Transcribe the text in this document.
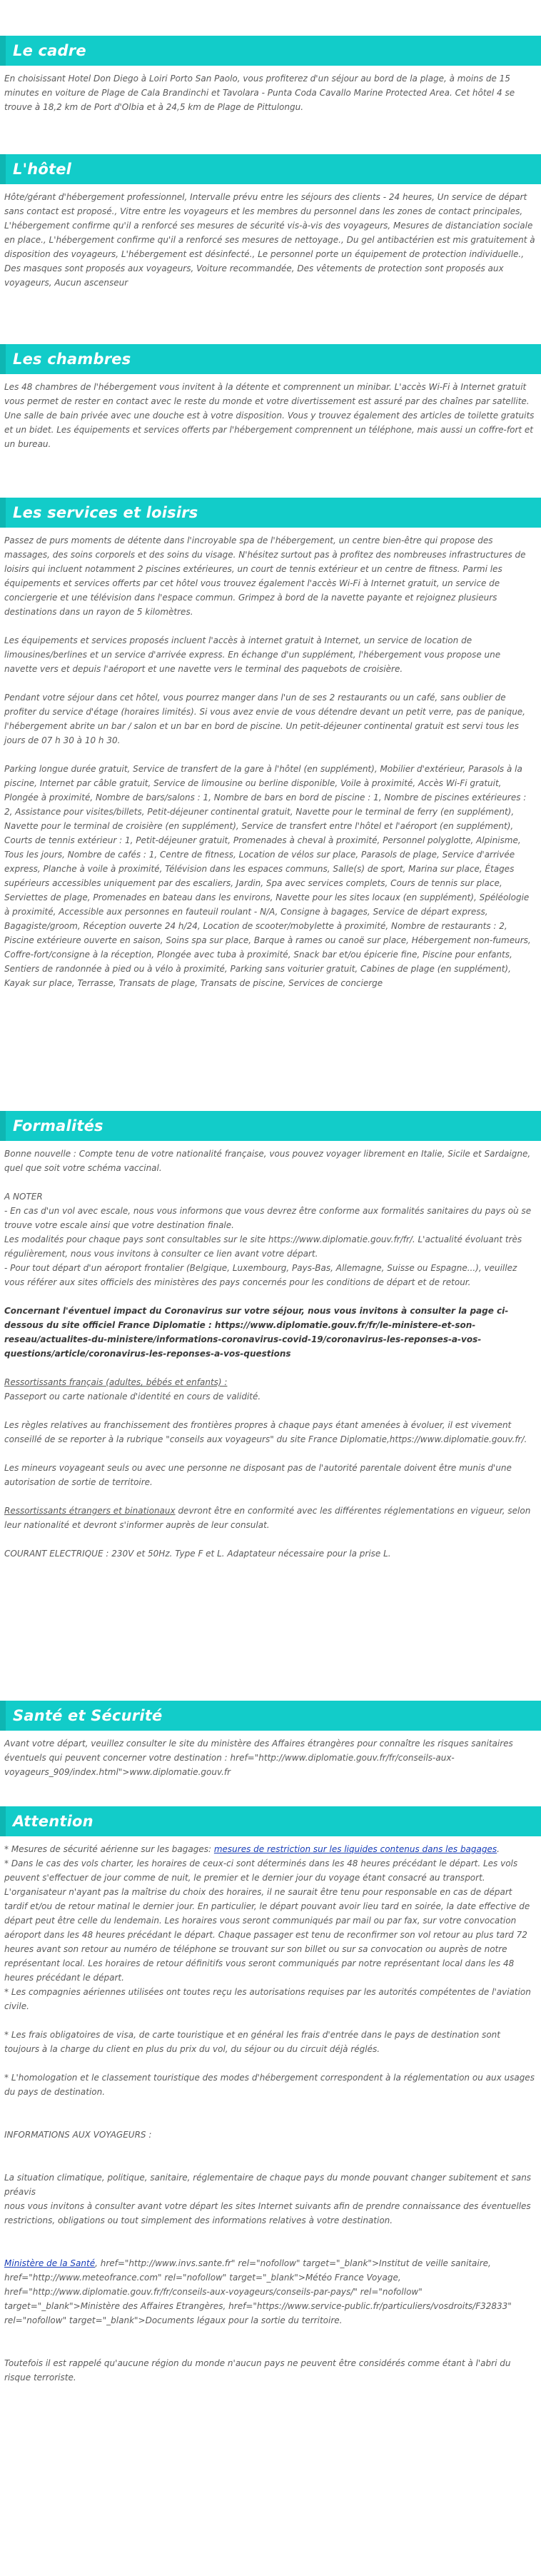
Le cadre

En choisissant Hotel Don Diego à Loiri Porto San Paolo, vous profiterez d'un séjour au bord de la plage, à moins de 15 minutes en voiture de Plage de Cala Brandinchi et Tavolara - Punta Coda Cavallo Marine Protected Area. Cet hôtel 4 se trouve à 18,2 km de Port d'Olbia et à 24,5 km de Plage de Pittulongu.

L'hôtel

Hôte/gérant d'hébergement professionnel, Intervalle prévu entre les séjours des clients - 24 heures, Un service de départ sans contact est proposé., Vitre entre les voyageurs et les membres du personnel dans les zones de contact principales, L'hébergement confirme qu'il a renforcé ses mesures de sécurité vis-à-vis des voyageurs, Mesures de distanciation sociale en place., L'hébergement confirme qu'il a renforcé ses mesures de nettoyage., Du gel antibactérien est mis gratuitement à disposition des voyageurs, L'hébergement est désinfecté., Le personnel porte un équipement de protection individuelle., Des masques sont proposés aux voyageurs, Voiture recommandée, Des vêtements de protection sont proposés aux voyageurs, Aucun ascenseur

Les chambres

Les 48 chambres de l'hébergement vous invitent à la détente et comprennent un minibar. L'accès Wi-Fi à Internet gratuit vous permet de rester en contact avec le reste du monde et votre divertissement est assuré par des chaînes par satellite. Une salle de bain privée avec une douche est à votre disposition. Vous y trouvez également des articles de toilette gratuits et un bidet. Les équipements et services offerts par l'hébergement comprennent un téléphone, mais aussi un coffre-fort et un bureau.

Les services et loisirs

Passez de purs moments de détente dans l'incroyable spa de l'hébergement, un centre bien-être qui propose des massages, des soins corporels et des soins du visage. N'hésitez surtout pas à profitez des nombreuses infrastructures de loisirs qui incluent notamment 2 piscines extérieures, un court de tennis extérieur et un centre de fitness. Parmi les équipements et services offerts par cet hôtel vous trouvez également l'accès Wi-Fi à Internet gratuit, un service de conciergerie et une télévision dans l'espace commun. Grimpez à bord de la navette payante et rejoignez plusieurs destinations dans un rayon de 5 kilomètres.

Les équipements et services proposés incluent l'accès à internet gratuit à Internet, un service de location de limousines/berlines et un service d'arrivée express. En échange d'un supplément, l'hébergement vous propose une navette vers et depuis l'aéroport et une navette vers le terminal des paquebots de croisière.

Pendant votre séjour dans cet hôtel, vous pourrez manger dans l'un de ses 2 restaurants ou un café, sans oublier de profiter du service d'étage (horaires limités). Si vous avez envie de vous détendre devant un petit verre, pas de panique, l'hébergement abrite un bar / salon et un bar en bord de piscine. Un petit-déjeuner continental gratuit est servi tous les jours de 07 h 30 à 10 h 30.

Parking longue durée gratuit, Service de transfert de la gare à l'hôtel (en supplément), Mobilier d'extérieur, Parasols à la piscine, Internet par câble gratuit, Service de limousine ou berline disponible, Voile à proximité, Accès Wi-Fi gratuit, Plongée à proximité, Nombre de bars/salons : 1, Nombre de bars en bord de piscine : 1, Nombre de piscines extérieures : 2, Assistance pour visites/billets, Petit-déjeuner continental gratuit, Navette pour le terminal de ferry (en supplément), Navette pour le terminal de croisière (en supplément), Service de transfert entre l'hôtel et l'aéroport (en supplément), Courts de tennis extérieur : 1, Petit-déjeuner gratuit, Promenades à cheval à proximité, Personnel polyglotte, Alpinisme, Tous les jours, Nombre de cafés : 1, Centre de fitness, Location de vélos sur place, Parasols de plage, Service d'arrivée express, Planche à voile à proximité, Télévision dans les espaces communs, Salle(s) de sport, Marina sur place, Étages supérieurs accessibles uniquement par des escaliers, Jardin, Spa avec services complets, Cours de tennis sur place, Serviettes de plage, Promenades en bateau dans les environs, Navette pour les sites locaux (en supplément), Spéléologie à proximité, Accessible aux personnes en fauteuil roulant - N/A, Consigne à bagages, Service de départ express, Bagagiste/groom, Réception ouverte 24 h/24, Location de scooter/mobylette à proximité, Nombre de restaurants : 2, Piscine extérieure ouverte en saison, Soins spa sur place, Barque à rames ou canoë sur place, Hébergement non-fumeurs, Coffre-fort/consigne à la réception, Plongée avec tuba à proximité, Snack bar et/ou épicerie fine, Piscine pour enfants, Sentiers de randonnée à pied ou à vélo à proximité, Parking sans voiturier gratuit, Cabines de plage (en supplément), Kayak sur place, Terrasse, Transats de plage, Transats de piscine, Services de concierge

Formalités

Bonne nouvelle : Compte tenu de votre nationalité française, vous pouvez voyager librement en Italie, Sicile et Sardaigne, quel que soit votre schéma vaccinal.

A NOTER

- En cas d'un vol avec escale, nous vous informons que vous devrez être conforme aux formalités sanitaires du pays où se trouve votre escale ainsi que votre destination finale.

Les modalités pour chaque pays sont consultables sur le site https://www.diplomatie.gouv.fr/fr/. L'actualité évoluant très régulièrement, nous vous invitons à consulter ce lien avant votre départ.

- Pour tout départ d'un aéroport frontalier (Belgique, Luxembourg, Pays-Bas, Allemagne, Suisse ou Espagne...), veuillez vous référer aux sites officiels des ministères des pays concernés pour les conditions de départ et de retour.

Concernant l'éventuel impact du Coronavirus sur votre séjour, nous vous invitons à consulter la page ci-dessous du site officiel France Diplomatie : https://www.diplomatie.gouv.fr/fr/le-ministere-et-son-reseau/actualites-du-ministere/informations-coronavirus-covid-19/coronavirus-les-reponses-a-vos-questions/article/coronavirus-les-reponses-a-vos-questions

Ressortissants français (adultes, bébés et enfants) :

Passeport ou carte nationale d'identité en cours de validité.

Les règles relatives au franchissement des frontières propres à chaque pays étant amenées à évoluer, il est vivement conseillé de se reporter à la rubrique "conseils aux voyageurs" du site France Diplomatie,https://www.diplomatie.gouv.fr/.

Les mineurs voyageant seuls ou avec une personne ne disposant pas de l'autorité parentale doivent être munis d'une autorisation de sortie de territoire.

Ressortissants étrangers et binationaux devront être en conformité avec les différentes réglementations en vigueur, selon leur nationalité et devront s'informer auprès de leur consulat.

COURANT ELECTRIQUE : 230V et 50Hz. Type F et L. Adaptateur nécessaire pour la prise L.

Santé et Sécurité

Avant votre départ, veuillez consulter le site du ministère des Affaires étrangères pour connaître les risques sanitaires éventuels qui peuvent concerner votre destination : href="http://www.diplomatie.gouv.fr/fr/conseils-aux-voyageurs_909/index.html">www.diplomatie.gouv.fr

Attention

* Mesures de sécurité aérienne sur les bagages: mesures de restriction sur les liquides contenus dans les bagages.

* Dans le cas des vols charter, les horaires de ceux-ci sont déterminés dans les 48 heures précédant le départ. Les vols peuvent s'effectuer de jour comme de nuit, le premier et le dernier jour du voyage étant consacré au transport. L'organisateur n'ayant pas la maîtrise du choix des horaires, il ne saurait être tenu pour responsable en cas de départ tardif et/ou de retour matinal le dernier jour. En particulier, le départ pouvant avoir lieu tard en soirée, la date effective de départ peut être celle du lendemain. Les horaires vous seront communiqués par mail ou par fax, sur votre convocation aéroport dans les 48 heures précédant le départ. Chaque passager est tenu de reconfirmer son vol retour au plus tard 72 heures avant son retour au numéro de téléphone se trouvant sur son billet ou sur sa convocation ou auprès de notre représentant local. Les horaires de retour définitifs vous seront communiqués par notre représentant local dans les 48 heures précédant le départ.

* Les compagnies aériennes utilisées ont toutes reçu les autorisations requises par les autorités compétentes de l'aviation civile.

* Les frais obligatoires de visa, de carte touristique et en général les frais d'entrée dans le pays de destination sont toujours à la charge du client en plus du prix du vol, du séjour ou du circuit déjà réglés.

* L'homologation et le classement touristique des modes d'hébergement correspondent à la réglementation ou aux usages du pays de destination.

INFORMATIONS AUX VOYAGEURS :

La situation climatique, politique, sanitaire, réglementaire de chaque pays du monde pouvant changer subitement et sans préavis

nous vous invitons à consulter avant votre départ les sites Internet suivants afin de prendre connaissance des éventuelles restrictions, obligations ou tout simplement des informations relatives à votre destination.

Ministère de la Santé, href="http://www.invs.sante.fr" rel="nofollow" target="_blank">Institut de veille sanitaire, href="http://www.meteofrance.com" rel="nofollow" target="_blank">Météo France Voyage, href="http://www.diplomatie.gouv.fr/fr/conseils-aux-voyageurs/conseils-par-pays/" rel="nofollow" target="_blank">Ministère des Affaires Etrangères, href="https://www.service-public.fr/particuliers/vosdroits/F32833" rel="nofollow" target="_blank">Documents légaux pour la sortie du territoire.

Toutefois il est rappelé qu'aucune région du monde n'aucun pays ne peuvent être considérés comme étant à l'abri du risque terroriste.
